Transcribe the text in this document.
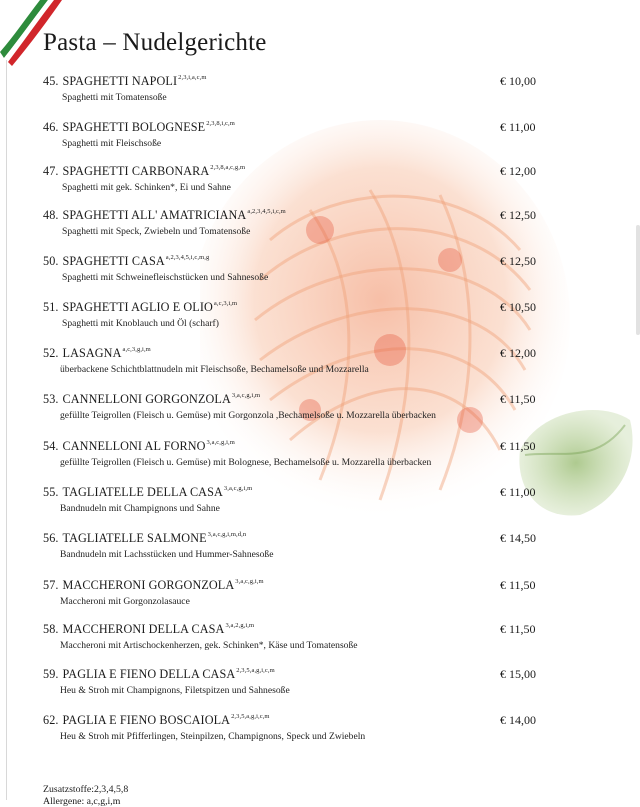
Pasta – Nudelgerichte
45. SPAGHETTI NAPOLI$^{2,3,i,a,c,m}$
Spaghetti mit Tomatensoße
€ 10,00
46. SPAGHETTI BOLOGNESE$^{2,3,8,i,c,m}$
Spaghetti mit Fleischsoße
€ 11,00
47. SPAGHETTI CARBONARA$^{2,3,8,a,c,g,m}$
Spaghetti mit gek. Schinken*, Ei und Sahne
€ 12,00
48. SPAGHETTI ALL' AMATRICIANA$^{a,2,3,4,5,i,c,m}$
Spaghetti mit Speck, Zwiebeln und Tomatensoße
€ 12,50
50. SPAGHETTI CASA$^{a,2,3,4,5,i,c,m,g}$
Spaghetti mit Schweinefleischstücken und Sahnesoße
€ 12,50
51. SPAGHETTI AGLIO E OLIO$^{a,c,3,i,m}$
Spaghetti mit Knoblauch und Öl (scharf)
€ 10,50
52. LASAGNA$^{a,c,3,g,i,m}$
überbackene Schichtblattnudeln mit Fleischsoße, Bechamelsoße und Mozzarella
€ 12,00
53. CANNELLONI GORGONZOLA$^{3,a,c,g,i,m}$
gefüllte Teigrollen (Fleisch u. Gemüse) mit Gorgonzola ,Bechamelsoße u. Mozzarella überbacken
€ 11,50
54. CANNELLONI AL FORNO$^{3,a,c,g,i,m}$
gefüllte Teigrollen (Fleisch u. Gemüse) mit Bolognese, Bechamelsoße u. Mozzarella überbacken
€ 11,50
55. TAGLIATELLE DELLA CASA$^{3,a,c,g,i,m}$
Bandnudeln mit Champignons und Sahne
€ 11,00
56. TAGLIATELLE SALMONE$^{3,a,c,g,i,m,d,n}$
Bandnudeln mit Lachsstücken und Hummer-Sahnesoße
€ 14,50
57. MACCHERONI GORGONZOLA$^{3,a,c,g,i,m}$
Maccheroni mit Gorgonzolasauce
€ 11,50
58. MACCHERONI DELLA CASA$^{3,a,2,g,i,m}$
Maccheroni mit Artischockenherzen, gek. Schinken*, Käse und Tomatensoße
€ 11,50
59. PAGLIA E FIENO DELLA CASA$^{2,3,5,a,g,i,c,m}$
Heu & Stroh mit Champignons, Filetspitzen und Sahnesoße
€ 15,00
62. PAGLIA E FIENO BOSCAIOLA$^{2,3,5,a,g,i,c,m}$
Heu & Stroh mit Pfifferlingen, Steinpilzen, Champignons, Speck und Zwiebeln
€ 14,00
Zusatzstoffe:2,3,4,5,8
Allergene: a,c,g,i,m
